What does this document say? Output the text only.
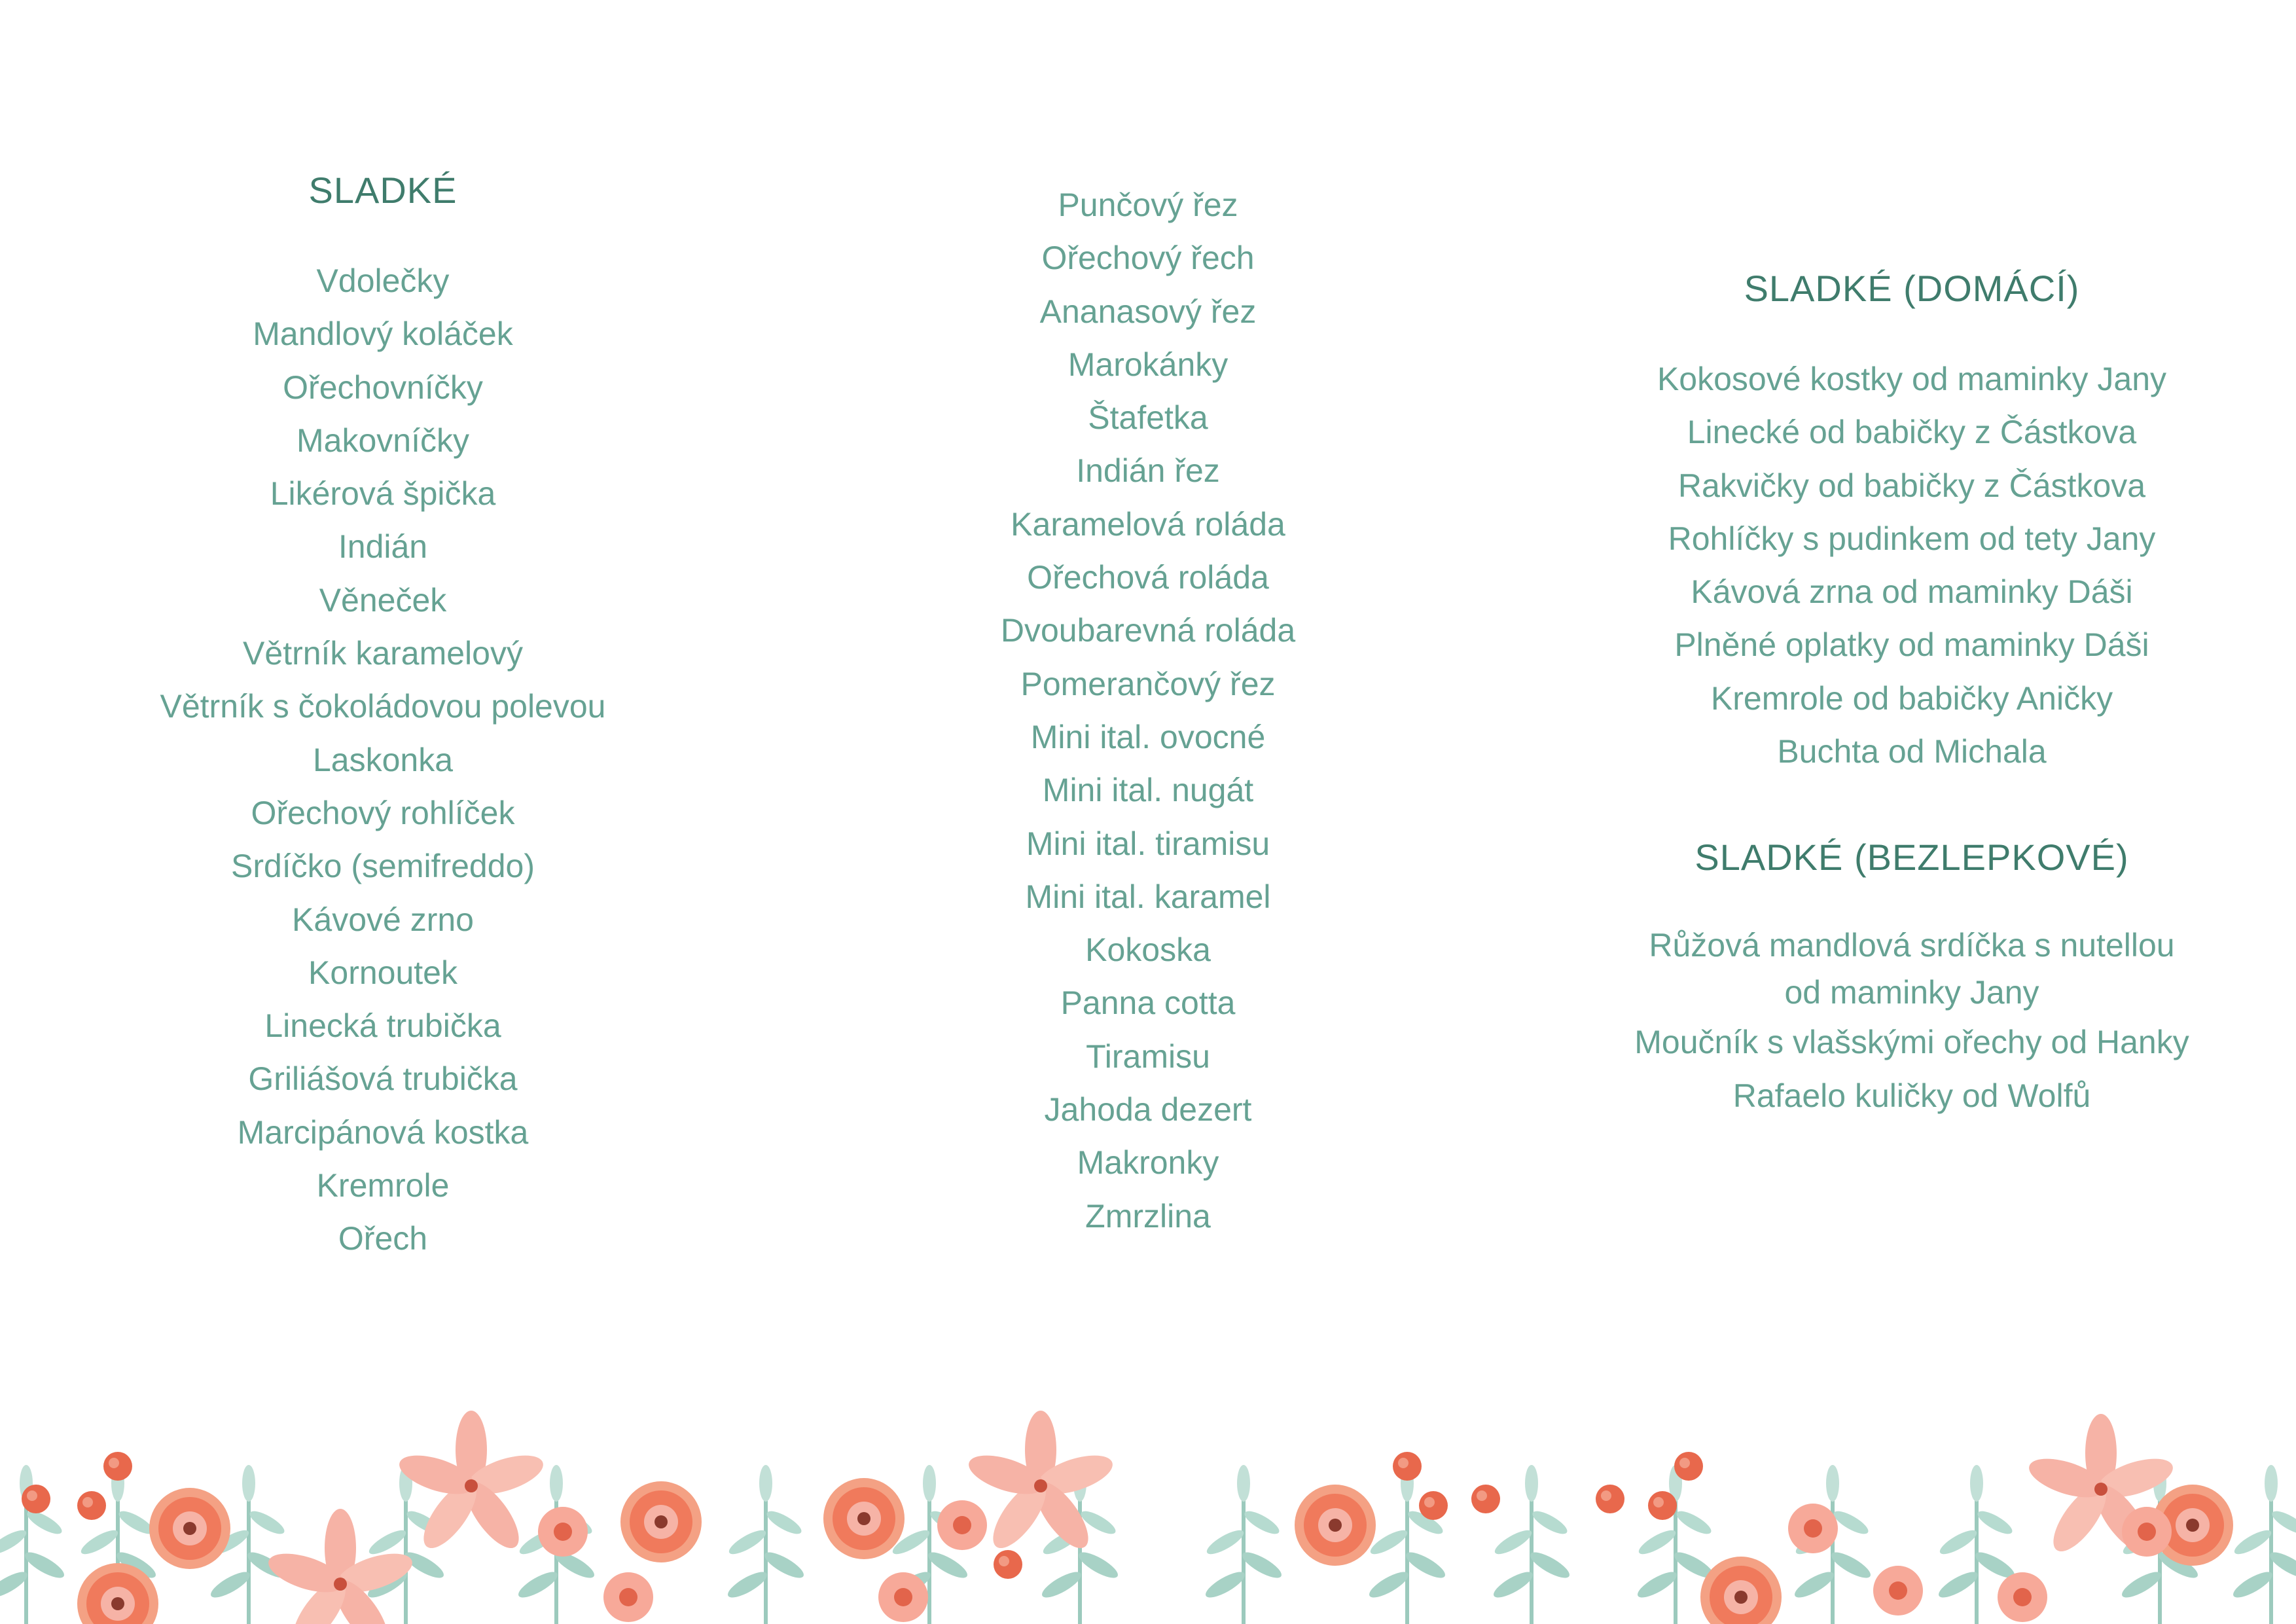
SLADKÉ
Vdolečky
Mandlový koláček
Ořechovníčky
Makovníčky
Likérová špička
Indián
Věneček
Větrník karamelový
Větrník s čokoládovou polevou
Laskonka
Ořechový rohlíček
Srdíčko (semifreddo)
Kávové zrno
Kornoutek
Linecká trubička
Griliášová trubička
Marcipánová kostka
Kremrole
Ořech
Punčový řez
Ořechový řech
Ananasový řez
Marokánky
Štafetka
Indián řez
Karamelová roláda
Ořechová roláda
Dvoubarevná roláda
Pomerančový řez
Mini ital. ovocné
Mini ital. nugát
Mini ital. tiramisu
Mini ital. karamel
Kokoska
Panna cotta
Tiramisu
Jahoda dezert
Makronky
Zmrzlina
SLADKÉ (DOMÁCÍ)
Kokosové kostky od maminky Jany
Linecké od babičky z Částkova
Rakvičky od babičky z Částkova
Rohlíčky s pudinkem od tety Jany
Kávová zrna od maminky Dáši
Plněné oplatky od maminky Dáši
Kremrole od babičky Aničky
Buchta od Michala
SLADKÉ (BEZLEPKOVÉ)
Růžová mandlová srdíčka s nutellou
od maminky Jany
Moučník s vlašskými ořechy od Hanky
Rafaelo kuličky od Wolfů
